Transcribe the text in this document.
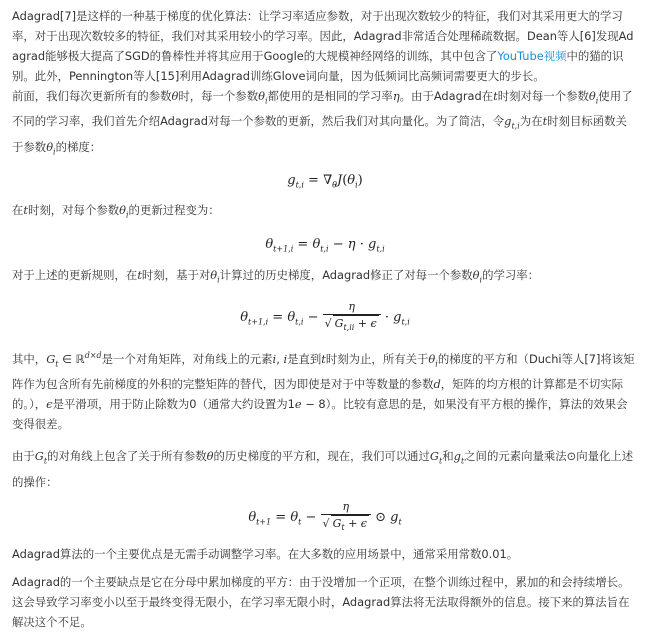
Adagrad[7]是这样的一种基于梯度的优化算法：让学习率适应参数，对于出现次数较少的特征，我们对其采用更大的学习率，对于出现次数较多的特征，我们对其采用较小的学习率。因此，Adagrad非常适合处理稀疏数据。Dean等人[6]发现Adagrad能够极大提高了SGD的鲁棒性并将其应用于Google的大规模神经网络的训练，其中包含了YouTube视频中的猫的识别。此外，Pennington等人[15]利用Adagrad训练Glove词向量，因为低频词比高频词需要更大的步长。

前面，我们每次更新所有的参数θ时，每一个参数$\theta_i$都使用的是相同的学习率η。由于Adagrad在t时刻对每一个参数$\theta_i$使用了不同的学习率，我们首先介绍Adagrad对每一个参数的更新，然后我们对其向量化。为了简洁，令$g_{t,i}$为在t时刻目标函数关于参数$\theta_i$的梯度：

$g_{t,i} = \nabla_\theta J(\theta_i)$

在t时刻，对每个参数$\theta_i$的更新过程变为：

$\theta_{t+1,i} = \theta_{t,i} - \eta \cdot g_{t,i}$

对于上述的更新规则，在t时刻，基于对$\theta_i$计算过的历史梯度，Adagrad修正了对每一个参数$\theta_i$的学习率：

$\theta_{t+1,i} = \theta_{t,i} - \frac{\eta}{√ G_{t,ii} + \epsilon} \cdot g_{t,i}$

其中，$G_t$ ∈ ℝ$^{d\times d}$是一个对角矩阵，对角线上的元素i, i是直到t时刻为止，所有关于$\theta_i$的梯度的平方和（Duchi等人[7]将该矩阵作为包含所有先前梯度的外积的完整矩阵的替代，因为即使是对于中等数量的参数d，矩阵的均方根的计算都是不切实际的。），ϵ是平滑项，用于防止除数为0（通常大约设置为1e − 8）。比较有意思的是，如果没有平方根的操作，算法的效果会变得很差。

由于$G_t$的对角线上包含了关于所有参数θ的历史梯度的平方和，现在，我们可以通过$G_t$和$g_t$之间的元素向量乘法⊙向量化上述的操作：

$\theta_{t+1} = \theta_t - \frac{\eta}{√ G_t + \epsilon}$ ⊙ $g_t$

Adagrad算法的一个主要优点是无需手动调整学习率。在大多数的应用场景中，通常采用常数0.01。

Adagrad的一个主要缺点是它在分母中累加梯度的平方：由于没增加一个正项，在整个训练过程中，累加的和会持续增长。这会导致学习率变小以至于最终变得无限小，在学习率无限小时，Adagrad算法将无法取得额外的信息。接下来的算法旨在解决这个不足。
